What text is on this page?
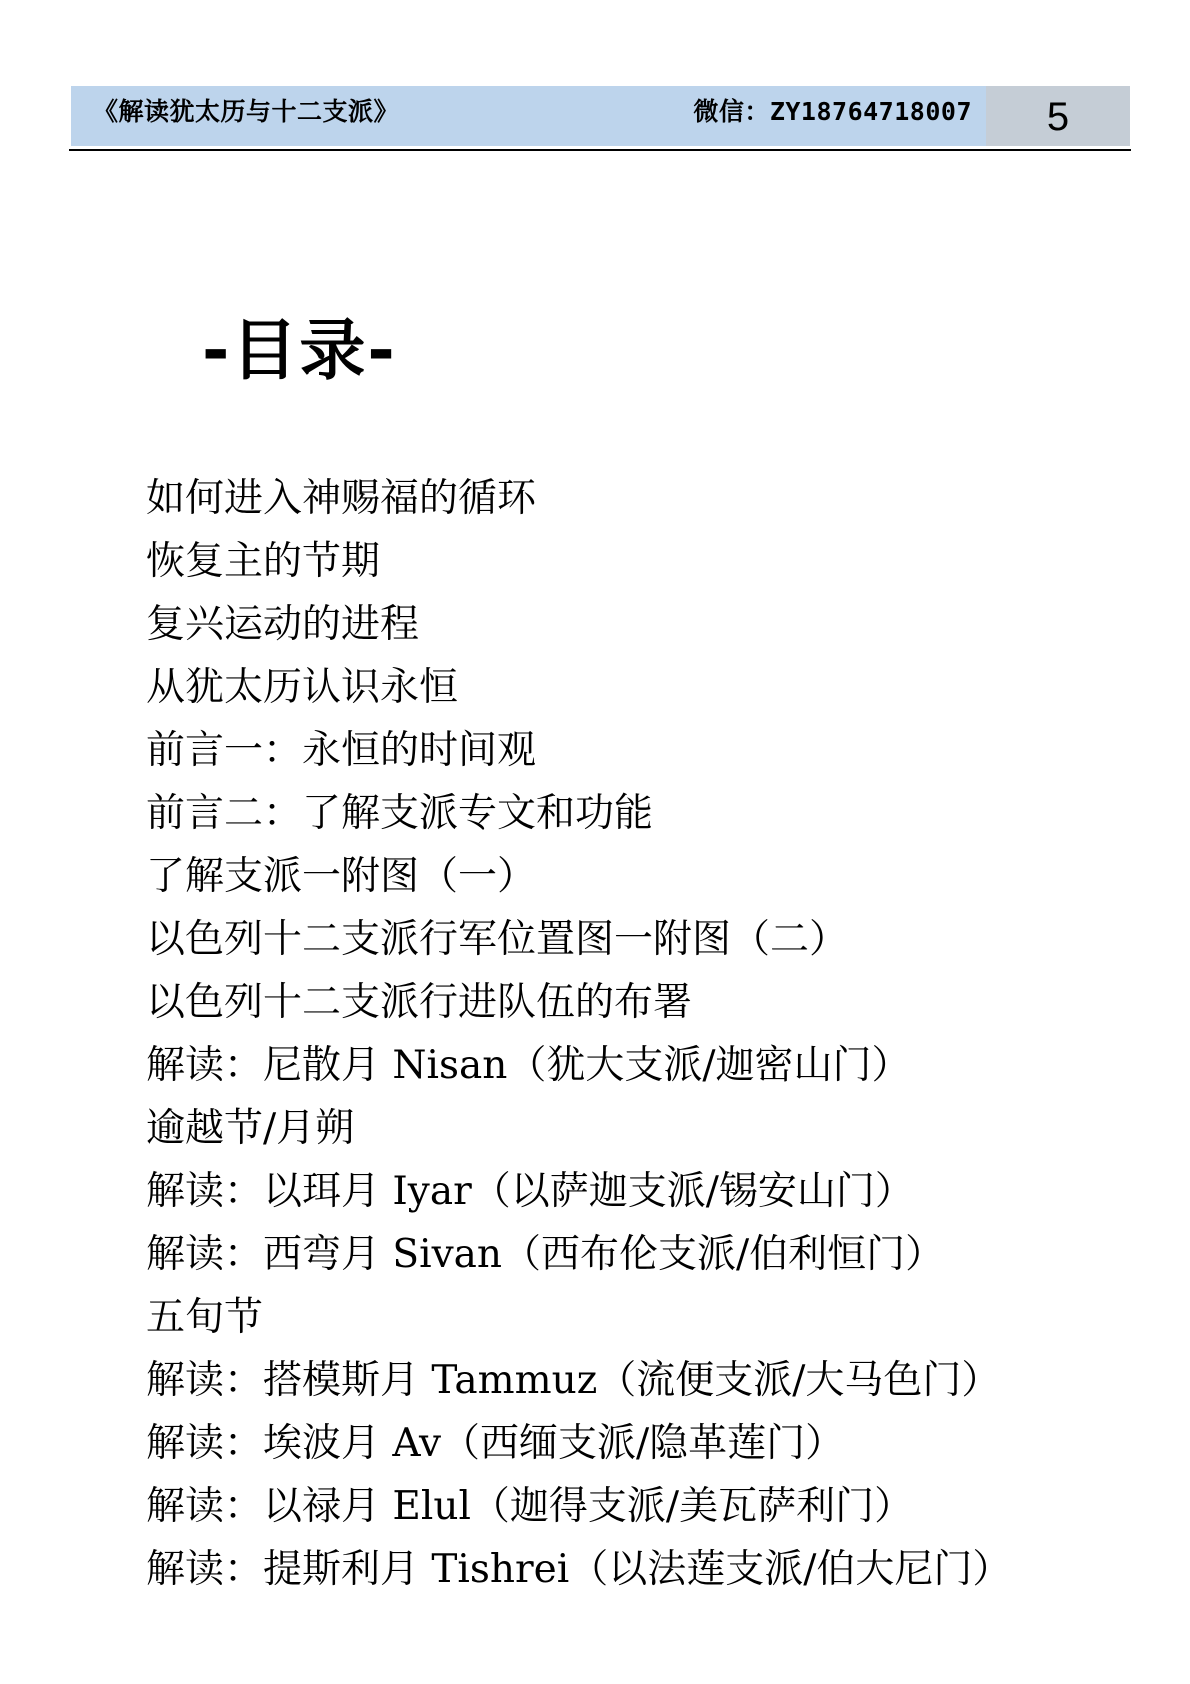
《解读犹太历与十二支派》	微信：ZY18764718007	5
-目录-
如何进入神赐福的循环
恢复主的节期
复兴运动的进程
从犹太历认识永恒
前言一：永恒的时间观
前言二：了解支派专文和功能
了解支派一附图（一）
以色列十二支派行军位置图一附图（二）
以色列十二支派行进队伍的布署
解读：尼散月 Nisan（犹大支派/迦密山门）
逾越节/月朔
解读：以珥月 Iyar（以萨迦支派/锡安山门）
解读：西弯月 Sivan（西布伦支派/伯利恒门）
五旬节
解读：搭模斯月 Tammuz（流便支派/大马色门）
解读：埃波月 Av（西缅支派/隐革莲门）
解读：以禄月 Elul（迦得支派/美瓦萨利门）
解读：提斯利月 Tishrei（以法莲支派/伯大尼门）
